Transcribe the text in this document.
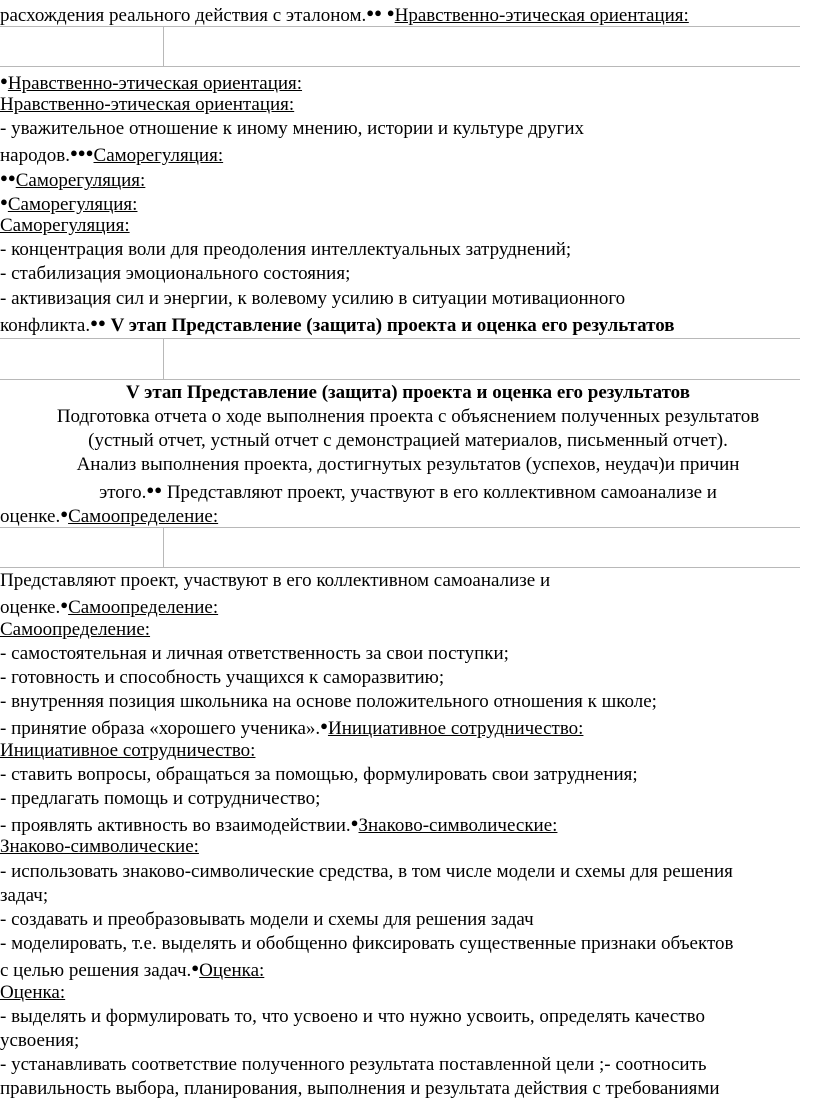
расхождения реального действия с эталоном.●● ●Нравственно-этическая ориентация:

●Нравственно-этическая ориентация:

Нравственно-этическая ориентация:

- уважительное отношение к иному мнению, истории и культуре других

народов.●●●Саморегуляция:

●●Саморегуляция:

●Саморегуляция:

Саморегуляция:

- концентрация воли для преодоления интеллектуальных затруднений;

- стабилизация эмоционального состояния;

- активизация сил и энергии, к волевому усилию в ситуации мотивационного

конфликта.●● V этап Представление (защита) проекта и оценка его результатов

V этап Представление (защита) проекта и оценка его результатов

Подготовка отчета о ходе выполнения проекта с объяснением полученных результатов

(устный отчет, устный отчет с демонстрацией материалов, письменный отчет).

Анализ выполнения проекта, достигнутых результатов (успехов, неудач)и причин

этого.●● Представляют проект, участвуют в его коллективном самоанализе и

оценке.●Самоопределение:

Представляют проект, участвуют в его коллективном самоанализе и

оценке.●Самоопределение:

Самоопределение:

- самостоятельная и личная ответственность за свои поступки;

- готовность и способность учащихся к саморазвитию;

- внутренняя позиция школьника на основе положительного отношения к школе;

- принятие образа «хорошего ученика».●Инициативное сотрудничество:

Инициативное сотрудничество:

- ставить вопросы, обращаться за помощью, формулировать свои затруднения;

- предлагать помощь и сотрудничество;

- проявлять активность во взаимодействии.●Знаково-символические:

Знаково-символические:

- использовать знаково-символические средства, в том числе модели и схемы для решения

задач;

- создавать и преобразовывать модели и схемы для решения задач

- моделировать, т.е. выделять и обобщенно фиксировать существенные признаки объектов

с целью решения задач.●Оценка:

Оценка:

- выделять и формулировать то, что усвоено и что нужно усвоить, определять качество

усвоения;

- устанавливать соответствие полученного результата поставленной цели ;- соотносить

правильность выбора, планирования, выполнения и результата действия с требованиями
